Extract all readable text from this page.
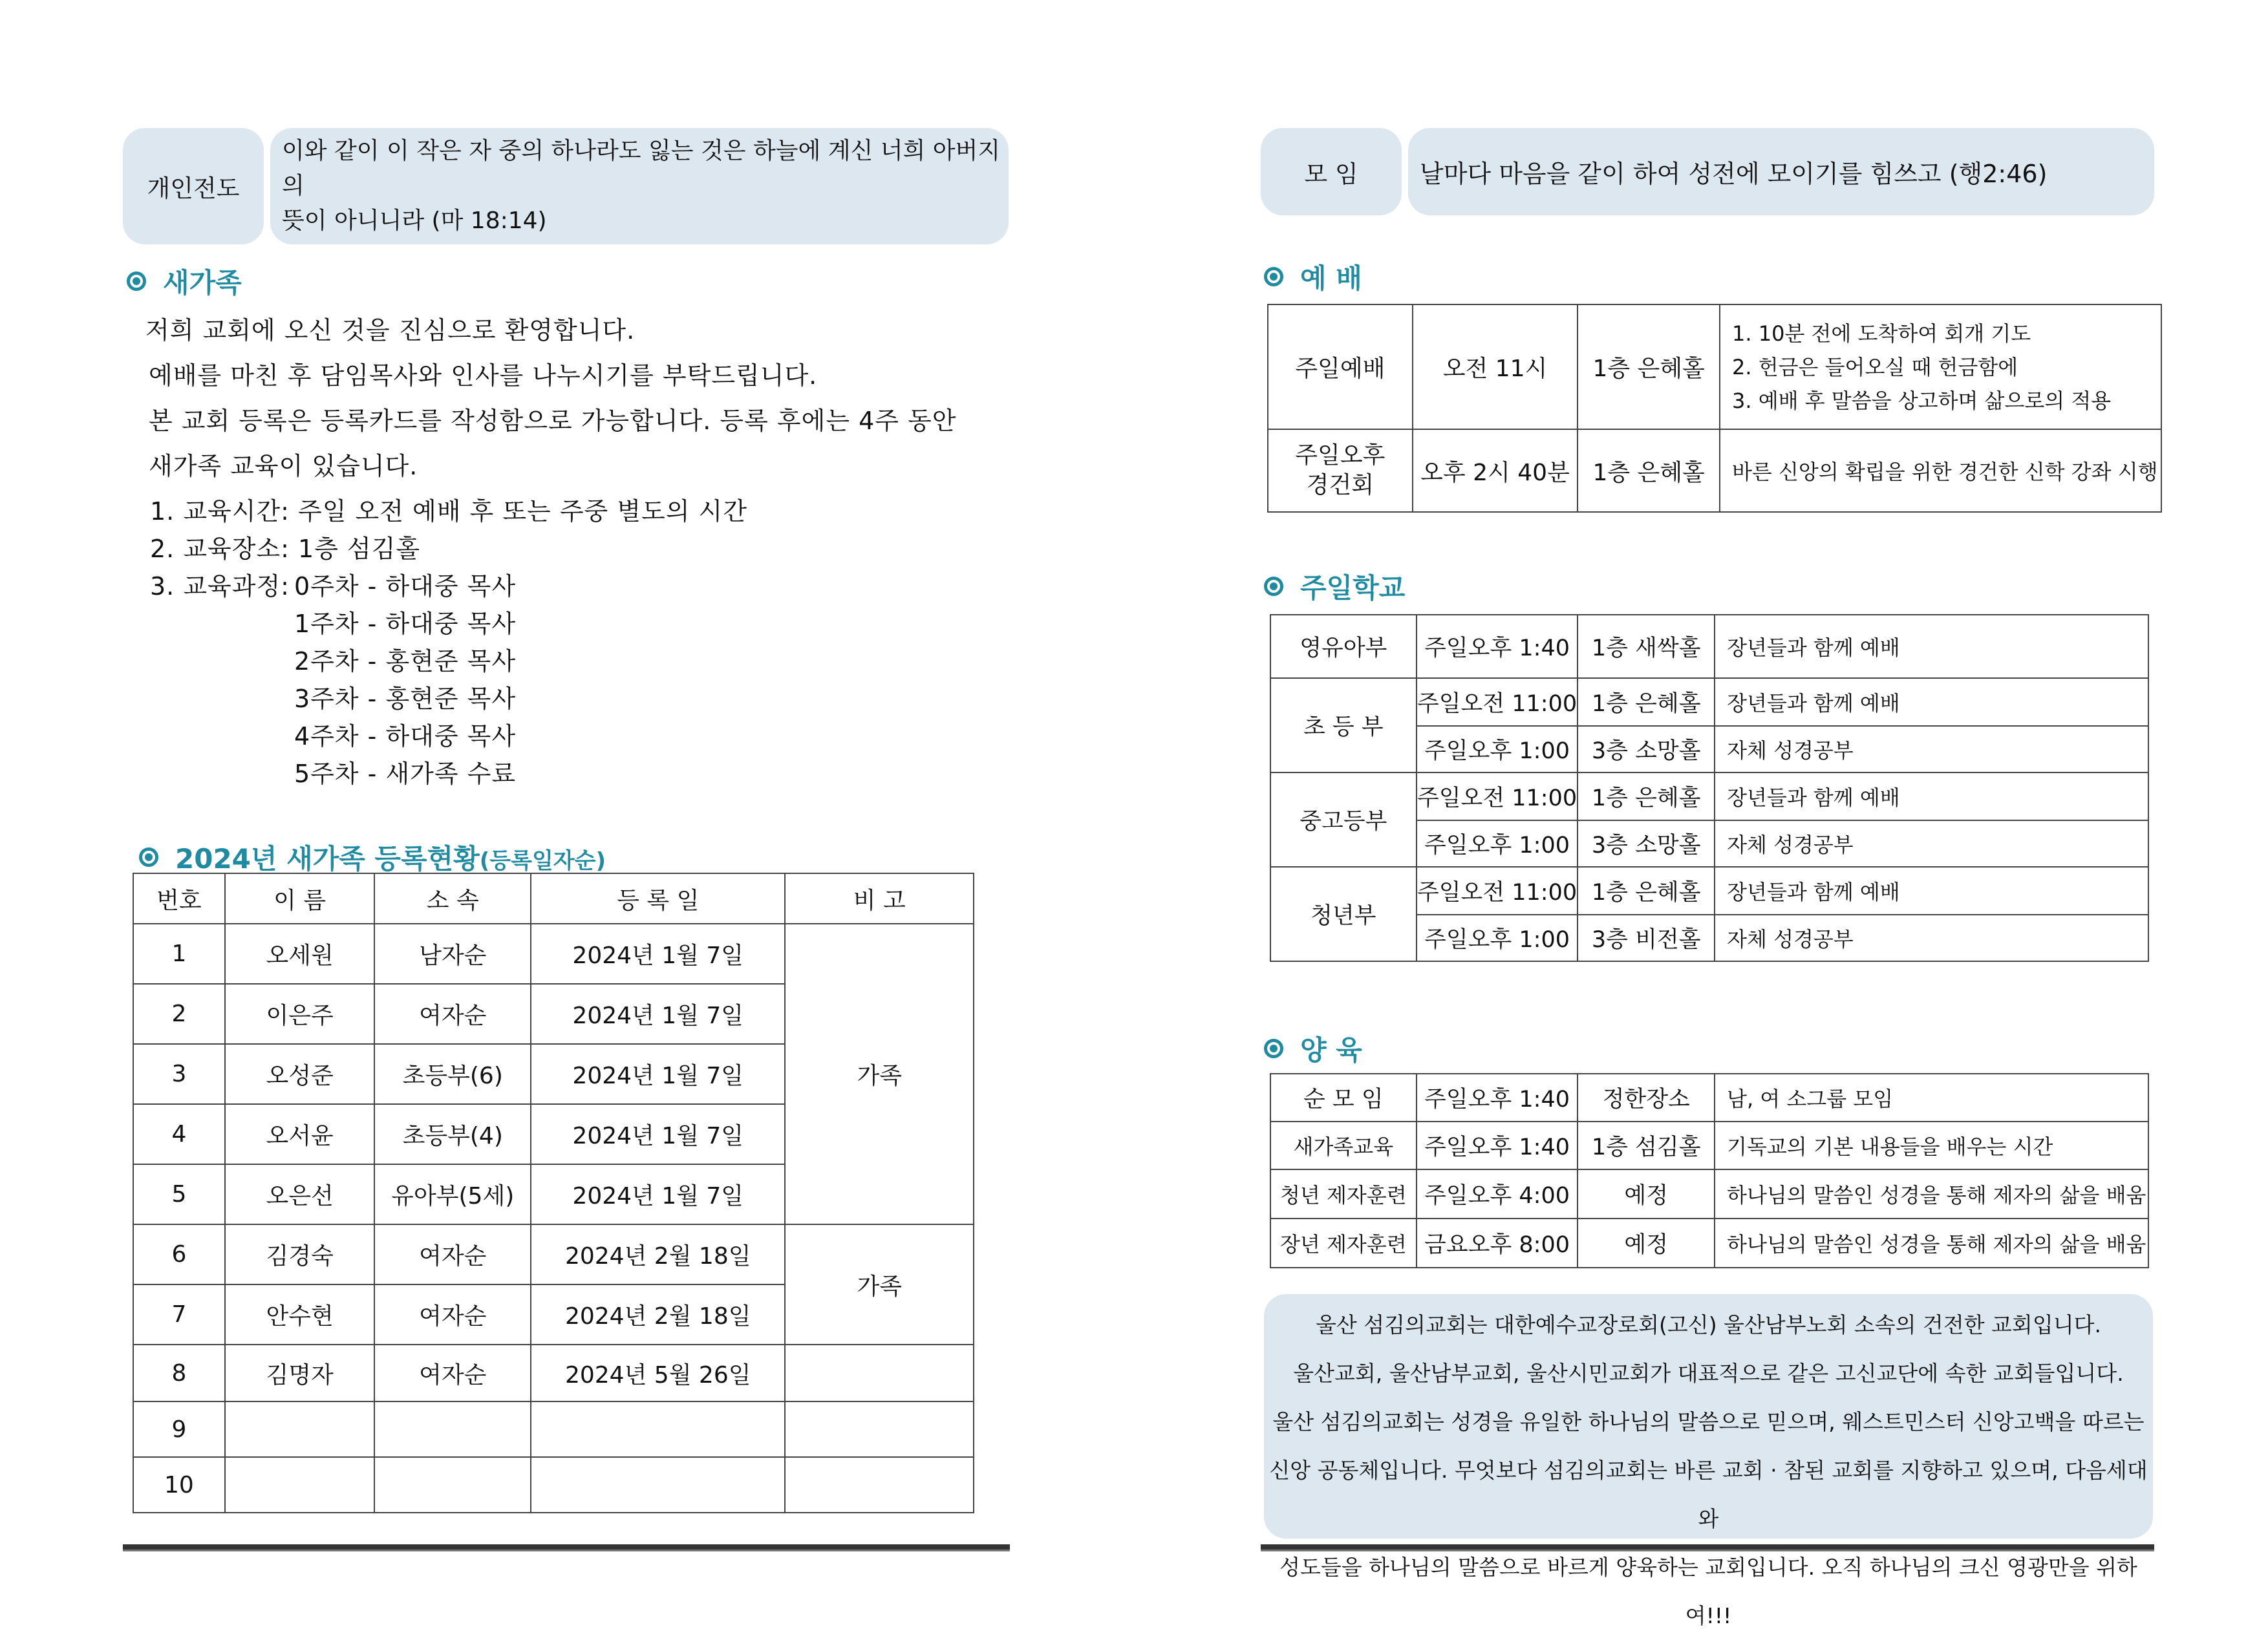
개인전도
이와 같이 이 작은 자 중의 하나라도 잃는 것은 하늘에 계신 너희 아버지의
뜻이 아니니라 (마 18:14)
새가족
저희 교회에 오신 것을 진심으로 환영합니다.
예배를 마친 후 담임목사와 인사를 나누시기를 부탁드립니다.
본 교회 등록은 등록카드를 작성함으로 가능합니다. 등록 후에는 4주 동안
새가족 교육이 있습니다.
1. 교육시간: 주일 오전 예배 후 또는 주중 별도의 시간
2. 교육장소: 1층 섬김홀
3. 교육과정: 0주차 - 하대중 목사
1주차 - 하대중 목사
2주차 - 홍현준 목사
3주차 - 홍현준 목사
4주차 - 하대중 목사
5주차 - 새가족 수료
2024년 새가족 등록현황(등록일자순)
번호	이 름	소 속	등 록 일	비 고
1	오세원	남자순	2024년 1월 7일	가족
2	이은주	여자순	2024년 1월 7일	
3	오성준	초등부(6)	2024년 1월 7일	
4	오서윤	초등부(4)	2024년 1월 7일	
5	오은선	유아부(5세)	2024년 1월 7일	
6	김경숙	여자순	2024년 2월 18일	가족
7	안수현	여자순	2024년 2월 18일	
8	김명자	여자순	2024년 5월 26일	
9				
10				
모 임	날마다 마음을 같이 하여 성전에 모이기를 힘쓰고 (행2:46)
예 배
주일예배	오전 11시	1층 은혜홀	1. 10분 전에 도착하여 회개 기도
2. 헌금은 들어오실 때 헌금함에
3. 예배 후 말씀을 상고하며 삶으로의 적용

주일오후
경건회	오후 2시 40분	1층 은혜홀	바른 신앙의 확립을 위한 경건한 신학 강좌 시행
주일학교
영유아부	주일오후 1:40	1층 새싹홀	장년들과 함께 예배
초 등 부	주일오전 11:00	1층 은혜홀	장년들과 함께 예배
	주일오후 1:00	3층 소망홀	자체 성경공부
중고등부	주일오전 11:00	1층 은혜홀	장년들과 함께 예배
	주일오후 1:00	3층 소망홀	자체 성경공부
청년부	주일오전 11:00	1층 은혜홀	장년들과 함께 예배
	주일오후 1:00	3층 비전홀	자체 성경공부
양 육
순 모 임	주일오후 1:40	정한장소	남, 여 소그룹 모임
새가족교육	주일오후 1:40	1층 섬김홀	기독교의 기본 내용들을 배우는 시간
청년 제자훈련	주일오후 4:00	예정	하나님의 말씀인 성경을 통해 제자의 삶을 배움
장년 제자훈련	금요오후 8:00	예정	하나님의 말씀인 성경을 통해 제자의 삶을 배움
울산 섬김의교회는 대한예수교장로회(고신) 울산남부노회 소속의 건전한 교회입니다.
울산교회, 울산남부교회, 울산시민교회가 대표적으로 같은 고신교단에 속한 교회들입니다.
울산 섬김의교회는 성경을 유일한 하나님의 말씀으로 믿으며, 웨스트민스터 신앙고백을 따르는
신앙 공동체입니다. 무엇보다 섬김의교회는 바른 교회 · 참된 교회를 지향하고 있으며, 다음세대와
성도들을 하나님의 말씀으로 바르게 양육하는 교회입니다. 오직 하나님의 크신 영광만을 위하여!!!
